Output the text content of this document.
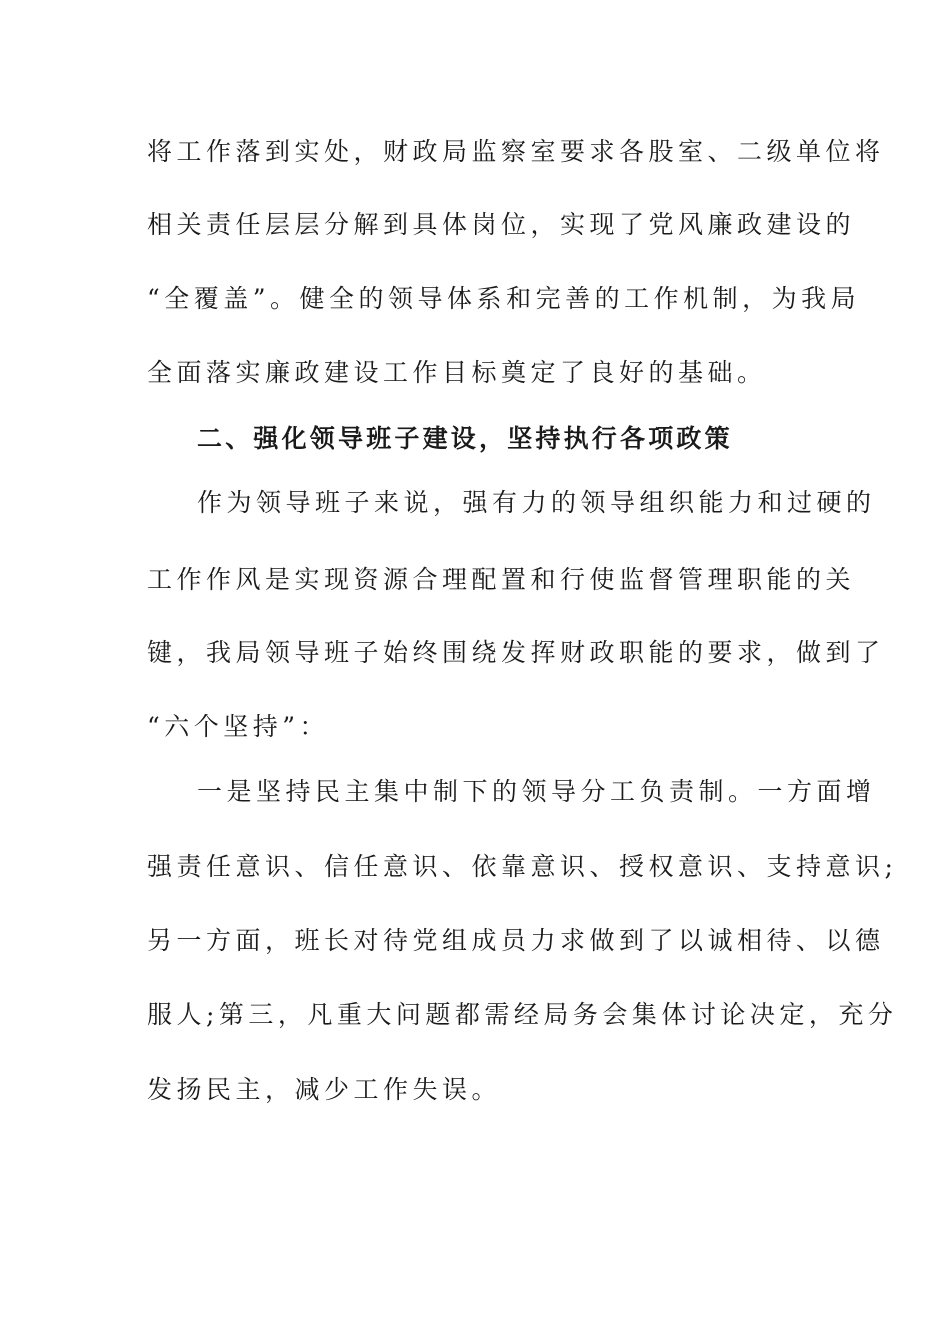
将工作落到实处，财政局监察室要求各股室、二级单位将
相关责任层层分解到具体岗位，实现了党风廉政建设的
“全覆盖”。健全的领导体系和完善的工作机制，为我局
全面落实廉政建设工作目标奠定了良好的基础。
二、强化领导班子建设，坚持执行各项政策
作为领导班子来说，强有力的领导组织能力和过硬的
工作作风是实现资源合理配置和行使监督管理职能的关
键，我局领导班子始终围绕发挥财政职能的要求，做到了
“六个坚持”：
一是坚持民主集中制下的领导分工负责制。一方面增
强责任意识、信任意识、依靠意识、授权意识、支持意识;
另一方面，班长对待党组成员力求做到了以诚相待、以德
服人;第三，凡重大问题都需经局务会集体讨论决定，充分
发扬民主，减少工作失误。
